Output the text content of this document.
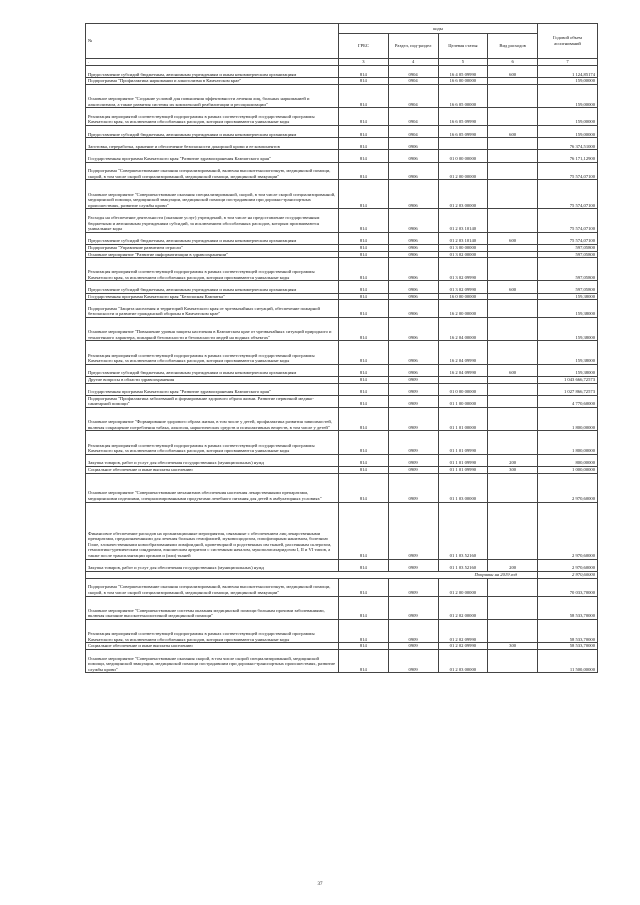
№	коды				Годовой объем ассигнований
	ГРБС	Раздел, под-раздел	Целевая статья	Вид расходов	
.	3	4	5	6	7
Предоставление субсидий бюджетным, автономным учреждениям и иным некоммерческим организациям	814	0904	16 4 05 09990	600	1 124,85174
Подпрограмма "Профилактика наркомании и алкоголизма в Камчатском крае"	814	0904	16 6 00 00000		159,00000
Основное мероприятие "Создание условий для повышения эффективности лечения лиц, больных наркоманией и алкоголизмом, а также развития системы их комплексной реабилитации и ресоциализации"	814	0904	16 6 05 00000		159,00000
Реализация мероприятий соответствующей подпрограммы в рамках соответствующей государственной программы Камчатского края, за исключением обособленных расходов, которым присваиваются уникальные коды	814	0904	16 6 05 09990		159,00000
Предоставление субсидий бюджетным, автономным учреждениям и иным некоммерческим организациям	814	0904	16 6 05 09990	600	159,00000
Заготовка, переработка, хранение и обеспечение безопасности донорской крови и ее компонентов	814	0906			76 374,51000
Государственная программа Камчатского края "Развитие здравоохранения Камчатского края"	814	0906	01 0 00 00000		76 171,12900
Подпрограмма "Совершенствование оказания специализированной, включая высокотехнологичную, медицинской помощи, скорой, в том числе скорой специализированной, медицинской помощи, медицинской эвакуации"	814	0906	01 2 00 00000		75 574,07100
Основное мероприятие "Совершенствование оказания специализированной, скорой, в том числе скорой специализированной, медицинской помощи, медицинской эвакуации, медицинской помощи пострадавшим при дорожно-транспортных происшествиях, развитие службы крови"	814	0906	01 2 03 00000		75 574,07100
Расходы на обеспечение деятельности (оказание услуг) учреждений, в том числе на предоставление государственным бюджетным и автономным учреждениям субсидий, за исключением обособленных расходов, которым присваиваются уникальные коды	814	0906	01 2 03 10140		75 574,07100
Предоставление субсидий бюджетным, автономным учреждениям и иным некоммерческим организациям	814	0906	01 2 03 10140	600	75 574,07100
Подпрограмма "Управление развитием отрасли"	814	0906	01 3 00 00000		597,05800
Основное мероприятие "Развитие информатизации в здравоохранении"	814	0906	01 3 02 00000		597,05800
Реализация мероприятий соответствующей подпрограммы в рамках соответствующей государственной программы Камчатского края, за исключением обособленных расходов, которым присваиваются уникальные коды	814	0906	01 3 02 09990		597,05800
Предоставление субсидий бюджетным, автономным учреждениям и иным некоммерческим организациям	814	0906	01 3 02 09990	600	597,05800
Государственная программа Камчатского края "Безопасная Камчатка"	814	0906	16 0 00 00000		159,38000
Подпрограмма "Защита населения и территорий Камчатского края от чрезвычайных ситуаций, обеспечение пожарной безопасности и развитие гражданской обороны в Камчатском крае"	814	0906	16 2 00 00000		159,38000
Основное мероприятие "Повышение уровня защиты населения в Камчатском крае от чрезвычайных ситуаций природного и техногенного характера, пожарной безопасности и безопасности людей на водных объектах"	814	0906	16 2 04 00000		159,38000
Реализация мероприятий соответствующей подпрограммы в рамках соответствующей государственной программы Камчатского края, за исключением обособленных расходов, которым присваиваются уникальные коды	814	0906	16 2 04 09990		159,38000
Предоставление субсидий бюджетным, автономным учреждениям и иным некоммерческим организациям	814	0906	16 2 04 09990	600	159,38000
Другие вопросы в области здравоохранения	814	0909			1 043 666,72573
Государственная программа Камчатского края "Развитие здравоохранения Камчатского края"	814	0909	01 0 00 00000		1 027 866,72573
Подпрограмма "Профилактика заболеваний и формирование здорового образа жизни. Развитие первичной медико-санитарной помощи"	814	0909	01 1 00 00000		4 770,60000
Основное мероприятие "Формирование здорового образа жизни, в том числе у детей, профилактика развития зависимостей, включая сокращение потребления табака, алкоголя, наркотических средств и психоактивных веществ, в том числе у детей"	814	0909	01 1 01 00000		1 800,00000
Реализация мероприятий соответствующей подпрограммы в рамках соответствующей государственной программы Камчатского края, за исключением обособленных расходов, которым присваиваются уникальные коды	814	0909	01 1 01 09990		1 800,00000
Закупка товаров, работ и услуг для обеспечения государственных (муниципальных) нужд	814	0909	01 1 01 09990	200	800,00000
Социальное обеспечение и иные выплаты населению	814	0909	01 1 01 09990	300	1 000,00000
Основное мероприятие "Совершенствование механизмов обеспечения населения лекарственными препаратами, медицинскими изделиями, специализированными продуктами лечебного питания для детей в амбулаторных условиях"	814	0909	01 1 03 00000		2 970,60000
Финансовое обеспечение расходов на организационные мероприятия, связанные с обеспечением лиц лекарственными препаратами, предназначенными для лечения больных гемофилией, муковисцидозом, гипофизарным нанизмом, болезнью Гоше, злокачественными новообразованиями лимфоидной, кроветворной и родственных им тканей, рассеянным склерозом, гемолитико-уремическим синдромом, юношеским артритом с системным началом, мукополисахаридозом I, II и VI типов, а также после трансплантации органов и (или) тканей	814	0909	01 1 03 52160		2 970,60000
Закупка товаров, работ и услуг для обеспечения государственных (муниципальных) нужд	814	0909	01 1 03 52160	200	2 970,60000
Поправки на 2019 год					2 970,60000
Подпрограмма "Совершенствование оказания специализированной, включая высокотехнологичную, медицинской помощи, скорой, в том числе скорой специализированной, медицинской помощи, медицинской эвакуации"	814	0909	01 2 00 00000		70 033,70000
Основное мероприятие "Совершенствование системы оказания медицинской помощи больным прочими заболеваниями, включая оказание высокотехнологичной медицинской помощи"	814	0909	01 2 02 00000		58 533,70000
Реализация мероприятий соответствующей подпрограммы в рамках соответствующей государственной программы Камчатского края, за исключением обособленных расходов, которым присваиваются уникальные коды	814	0909	01 2 02 09990		58 533,70000
Социальное обеспечение и иные выплаты населению	814	0909	01 2 02 09990	300	58 533,70000
Основное мероприятие "Совершенствование оказания скорой, в том числе скорой специализированной, медицинской помощи, медицинской эвакуации, медицинской помощи пострадавшим при дорожно-транспортных происшествиях, развитие службы крови"	814	0909	01 2 03 00000		11 500,00000
37
